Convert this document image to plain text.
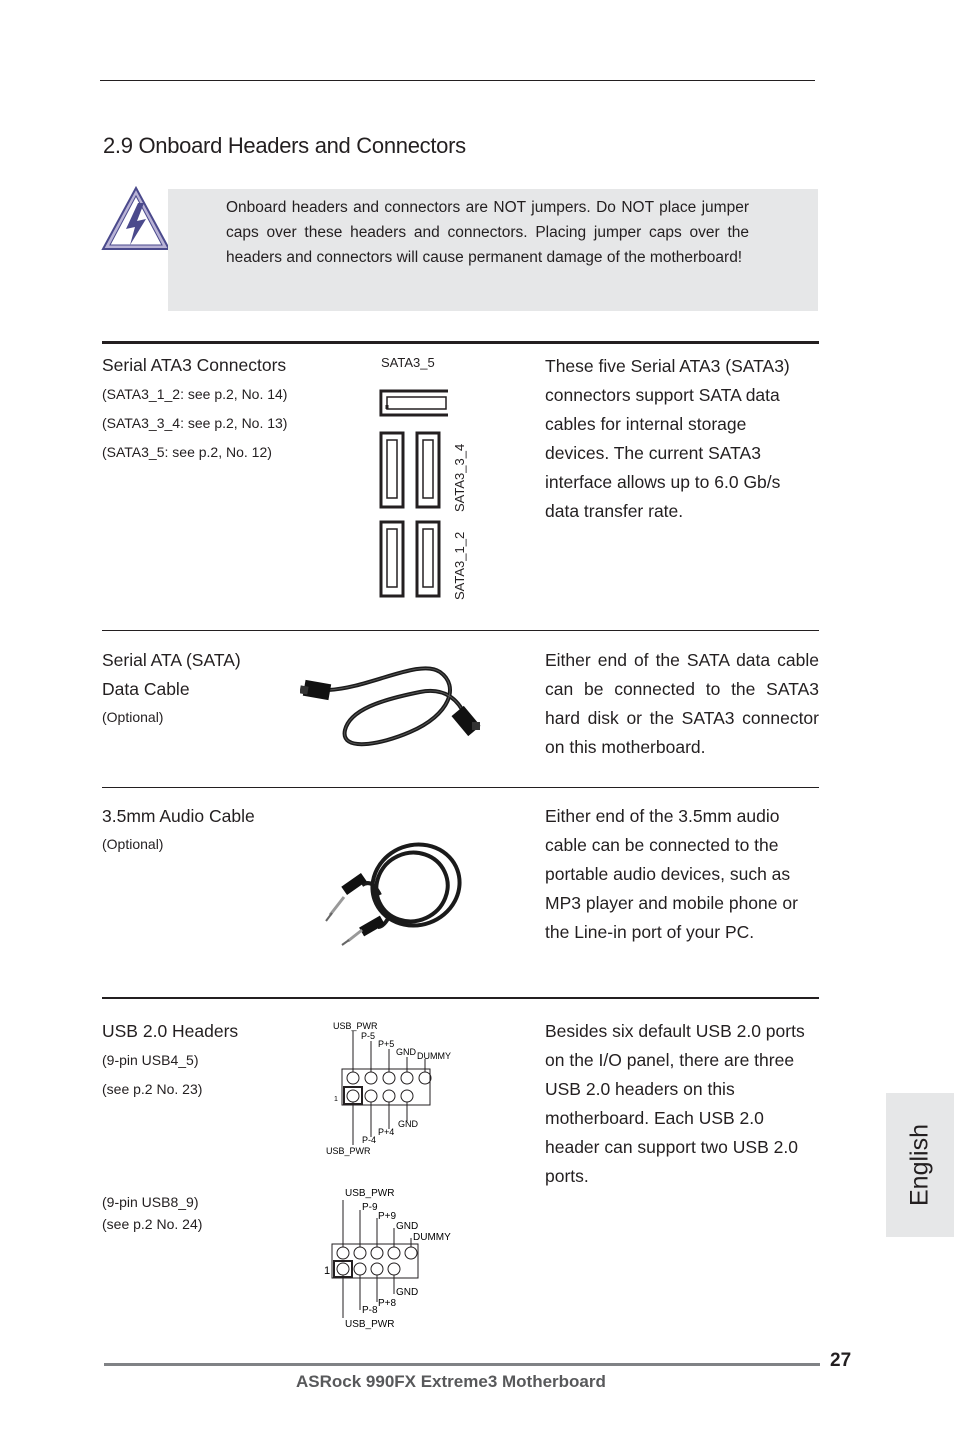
2.9 Onboard Headers and Connectors
Onboard headers and connectors are NOT jumpers. Do NOT place jumper caps over these headers and connectors. Placing jumper caps over the headers and connectors will cause permanent damage of the motherboard!
Serial ATA3 Connectors
(SATA3_1_2: see p.2, No. 14)
(SATA3_3_4: see p.2, No. 13)
(SATA3_5: see p.2, No. 12)
SATA3_5
SATA3_3_4
SATA3_1_2
These five Serial ATA3 (SATA3) connectors support SATA data cables for internal storage devices. The current SATA3 interface allows up to 6.0 Gb/s data transfer rate.
Serial ATA (SATA)
Data Cable
(Optional)
Either end of the SATA data cable can be connected to the SATA3 hard disk or the SATA3 connector on this motherboard.
3.5mm Audio Cable
(Optional)
Either end of the 3.5mm audio cable can be connected to the portable audio devices, such as MP3 player and mobile phone or the Line-in port of your PC.
USB 2.0 Headers
(9-pin USB4_5)
(see p.2 No. 23)
(9-pin USB8_9)
(see p.2 No. 24)
USB_PWR
P-5
P+5
GND DUMMY
1
GND
P+4
P-4
USB_PWR
USB_PWR
P-9
P+9
GND
DUMMY
1
GND
P+8
P-8
USB_PWR
Besides six default USB 2.0 ports on the I/O panel, there are three USB 2.0 headers on this motherboard. Each USB 2.0 header can support two USB 2.0 ports.	English
27
ASRock 990FX Extreme3 Motherboard
